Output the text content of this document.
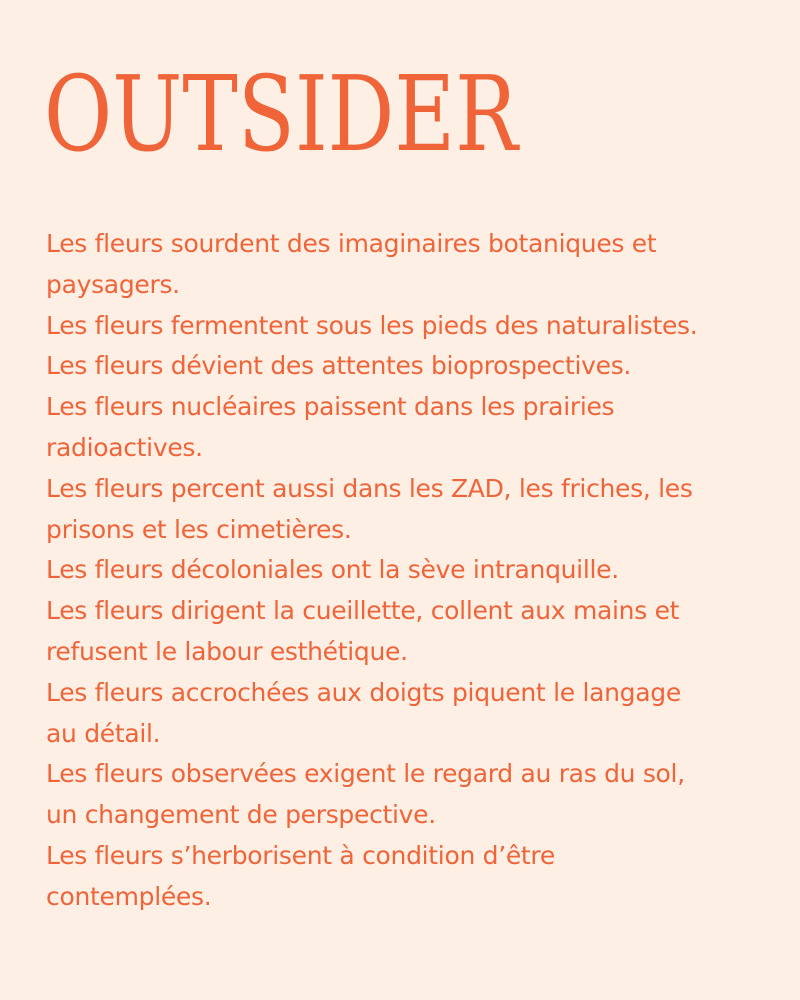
OUTSIDER
Les fleurs sourdent des imaginaires botaniques et
paysagers.
Les fleurs fermentent sous les pieds des naturalistes.
Les fleurs dévient des attentes bioprospectives.
Les fleurs nucléaires paissent dans les prairies
radioactives.
Les fleurs percent aussi dans les ZAD, les friches, les
prisons et les cimetières.
Les fleurs décoloniales ont la sève intranquille.
Les fleurs dirigent la cueillette, collent aux mains et
refusent le labour esthétique.
Les fleurs accrochées aux doigts piquent le langage
au détail.
Les fleurs observées exigent le regard au ras du sol,
un changement de perspective.
Les fleurs s’herborisent à condition d’être
contemplées.
